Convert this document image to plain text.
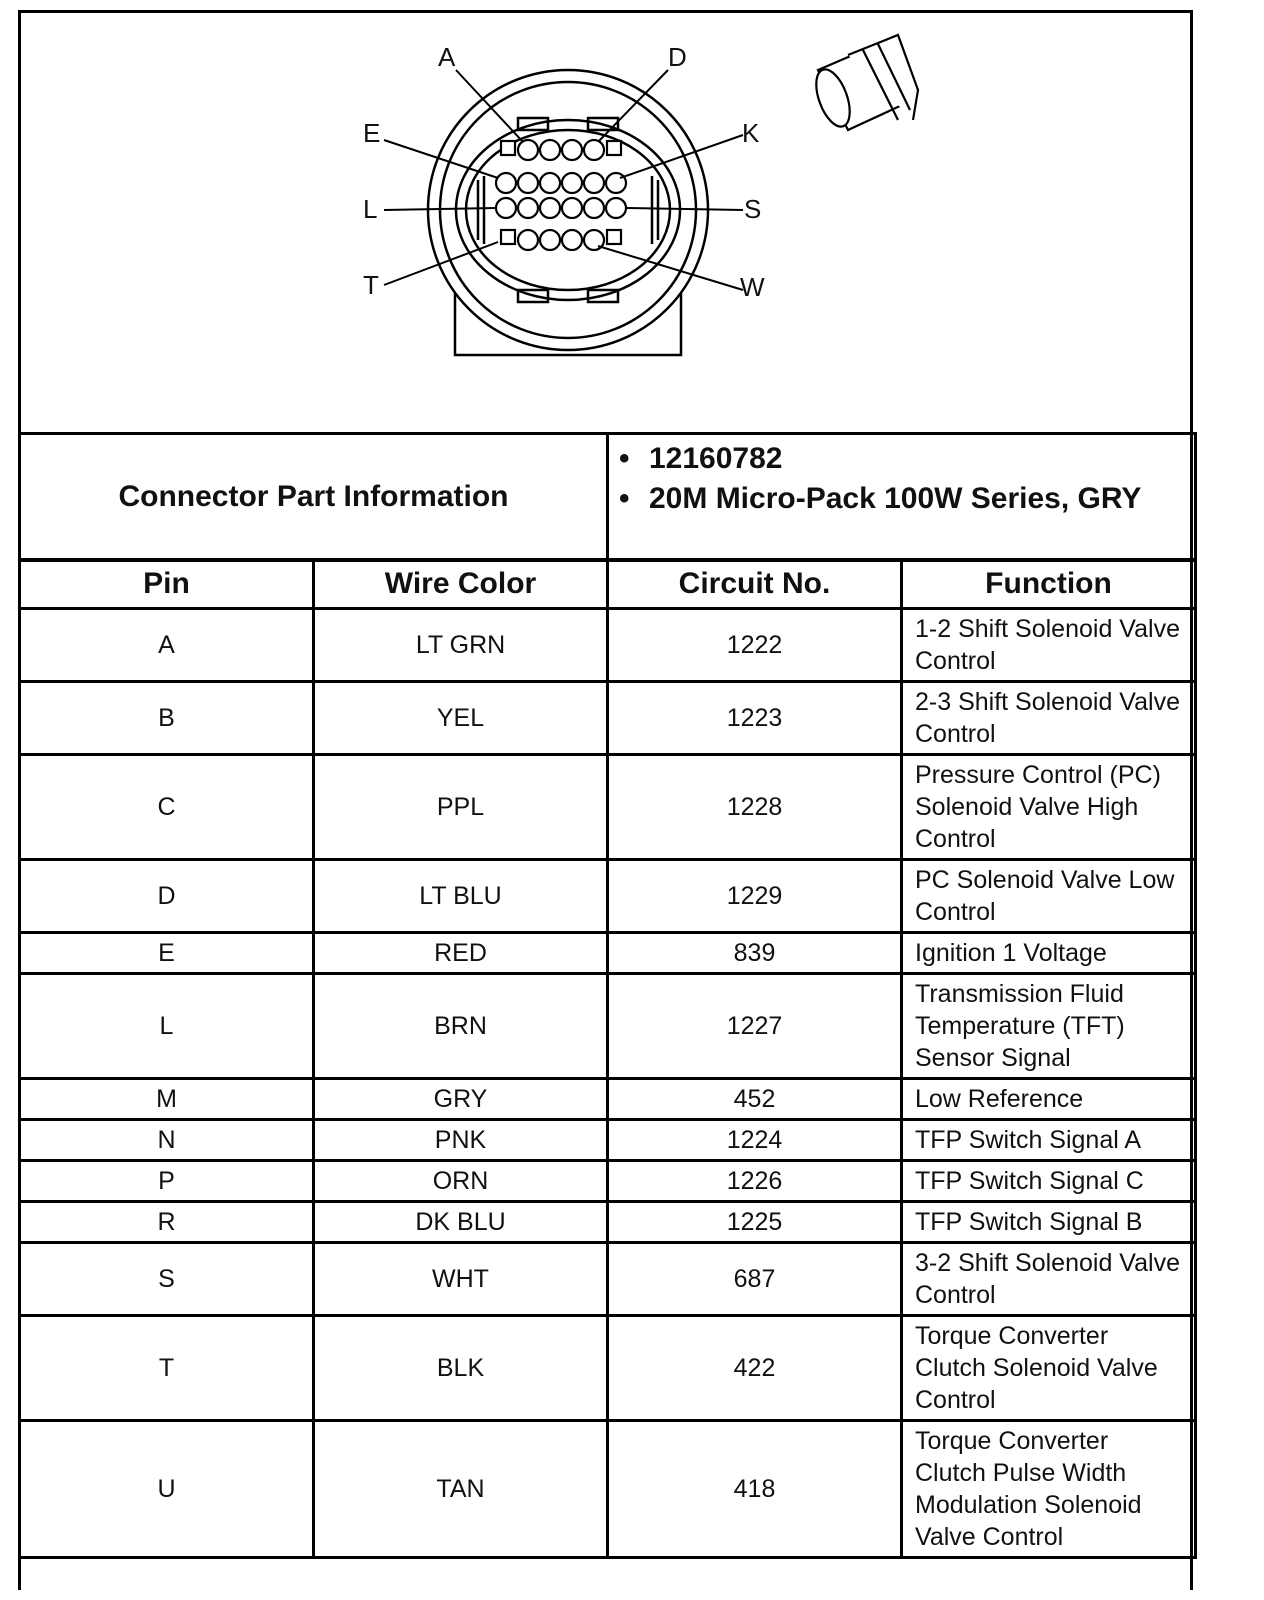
A	D
E	K
L	S
T	W
Connector Part Information	
• 12160782
• 20M Micro-Pack 100W Series, GRY
Pin	Wire Color	Circuit No.	Function
A	LT GRN	1222	1-2 Shift Solenoid Valve Control
B	YEL	1223	2-3 Shift Solenoid Valve Control
C	PPL	1228	Pressure Control (PC) Solenoid Valve High Control
D	LT BLU	1229	PC Solenoid Valve Low Control
E	RED	839	Ignition 1 Voltage
L	BRN	1227	Transmission Fluid Temperature (TFT) Sensor Signal
M	GRY	452	Low Reference
N	PNK	1224	TFP Switch Signal A
P	ORN	1226	TFP Switch Signal C
R	DK BLU	1225	TFP Switch Signal B
S	WHT	687	3-2 Shift Solenoid Valve Control
T	BLK	422	Torque Converter Clutch Solenoid Valve Control
U	TAN	418	Torque Converter Clutch Pulse Width Modulation Solenoid Valve Control
